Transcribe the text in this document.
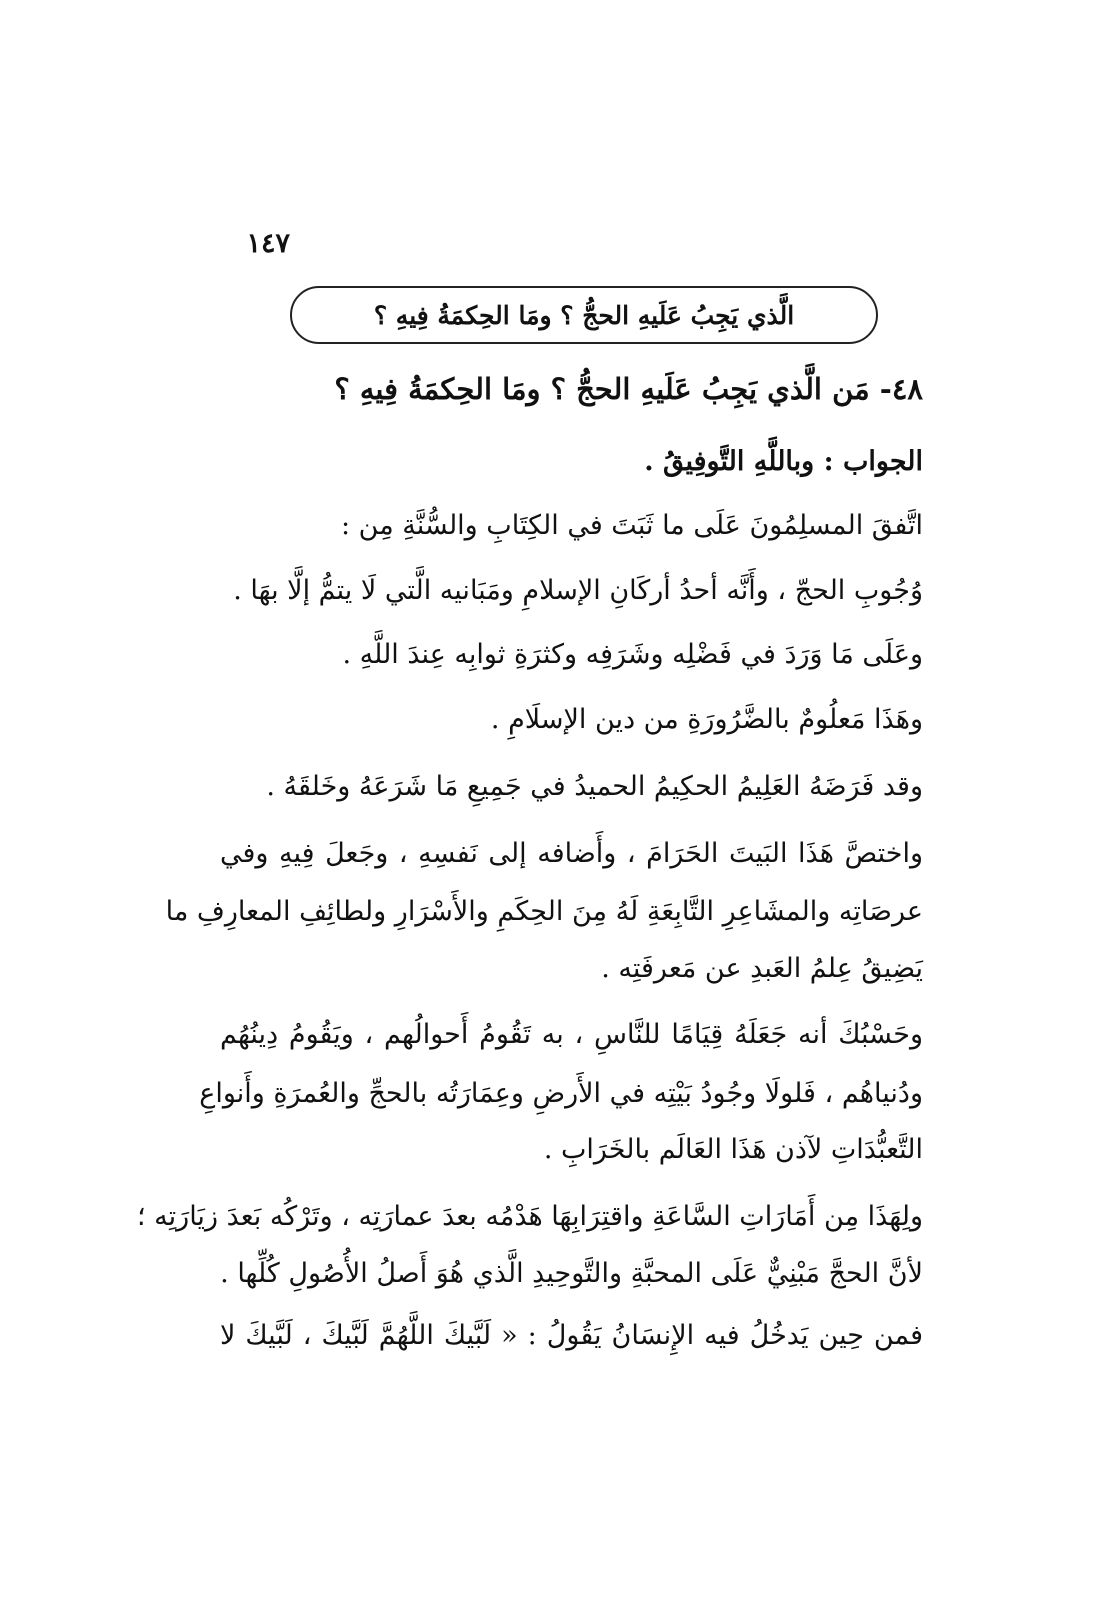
١٤٧
الَّذي يَجِبُ عَلَيهِ الحجُّ ؟ ومَا الحِكمَةُ فِيهِ ؟
٤٨- مَن الَّذي يَجِبُ عَلَيهِ الحجُّ ؟ ومَا الحِكمَةُ فِيهِ ؟
الجواب : وباللَّهِ التَّوفِيقُ .
اتَّفقَ المسلِمُونَ عَلَى ما ثَبَتَ في الكِتَابِ والسُّنَّةِ مِن :
وُجُوبِ الحجّ ، وأَنَّه أحدُ أركَانِ الإسلامِ ومَبَانيه الَّتي لَا يتمُّ إلَّا بهَا .
وعَلَى مَا وَرَدَ في فَضْلِه وشَرَفِه وكثرَةِ ثوابِه عِندَ اللَّهِ .
وهَذَا مَعلُومٌ بالضَّرُورَةِ من دين الإسلَامِ .
وقد فَرَضَهُ العَلِيمُ الحكِيمُ الحميدُ في جَمِيعِ مَا شَرَعَهُ وخَلقَهُ .
واختصَّ هَذَا البَيتَ الحَرَامَ ، وأَضافه إلى نَفسِهِ ، وجَعلَ فِيهِ وفي
عرصَاتِه والمشَاعِرِ التَّابِعَةِ لَهُ مِنَ الحِكَمِ والأَسْرَارِ ولطائِفِ المعارِفِ ما
يَضِيقُ عِلمُ العَبدِ عن مَعرفَتِه .
وحَسْبُكَ أنه جَعَلَهُ قِيَامًا للنَّاسِ ، به تَقُومُ أَحوالُهم ، ويَقُومُ دِينُهُم
ودُنياهُم ، فَلولَا وجُودُ بَيْتِه في الأَرضِ وعِمَارَتُه بالحجِّ والعُمرَةِ وأَنواعِ
التَّعبُّدَاتِ لآذن هَذَا العَالَم بالخَرَابِ .
ولِهَذَا مِن أَمَارَاتِ السَّاعَةِ واقتِرَابِهَا هَدْمُه بعدَ عمارَتِه ، وتَرْكُه بَعدَ زيَارَتِه ؛
لأنَّ الحجَّ مَبْنِيٌّ عَلَى المحبَّةِ والتَّوحِيدِ الَّذي هُوَ أَصلُ الأُصُولِ كُلِّها .
فمن حِين يَدخُلُ فيه الإِنسَانُ يَقُولُ : « لَبَّيكَ اللَّهُمَّ لَبَّيكَ ، لَبَّيكَ لا
